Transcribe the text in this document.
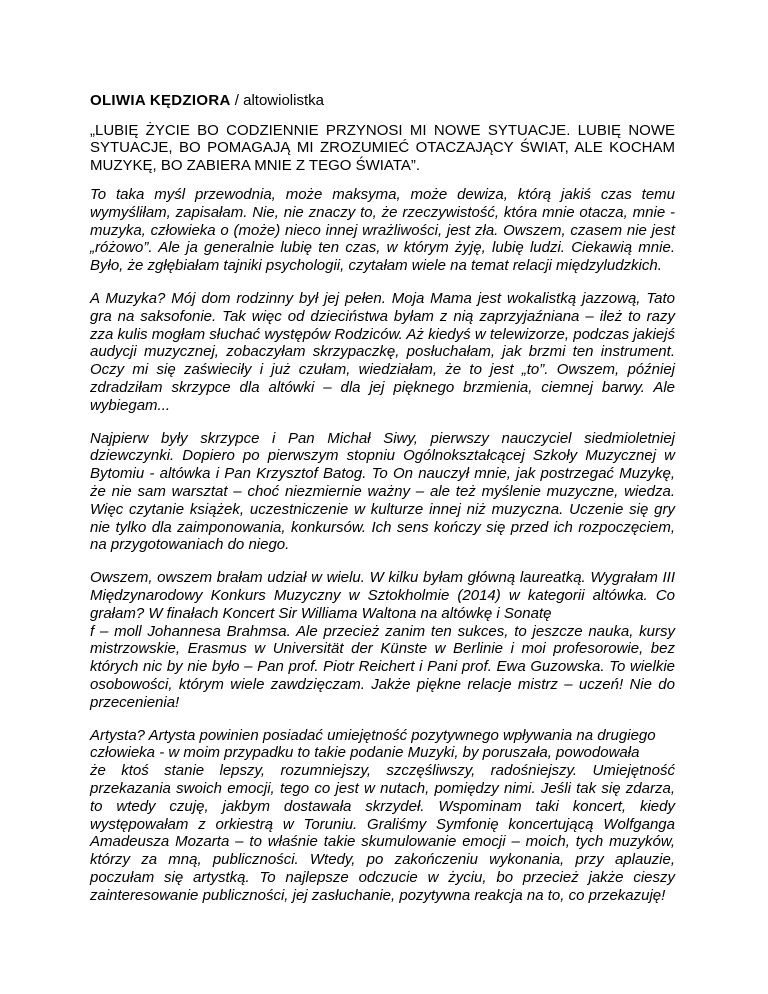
OLIWIA KĘDZIORA / altowiolistka

„LUBIĘ ŻYCIE BO CODZIENNIE PRZYNOSI MI NOWE SYTUACJE. LUBIĘ NOWE SYTUACJE, BO POMAGAJĄ MI ZROZUMIEĆ OTACZAJĄCY ŚWIAT, ALE KOCHAM MUZYKĘ, BO ZABIERA MNIE Z TEGO ŚWIATA”.

To taka myśl przewodnia, może maksyma, może dewiza, którą jakiś czas temu wymyśliłam, zapisałam. Nie, nie znaczy to, że rzeczywistość, która mnie otacza, mnie - muzyka, człowieka o (może) nieco innej wrażliwości, jest zła. Owszem, czasem nie jest „różowo”. Ale ja generalnie lubię ten czas, w którym żyję, lubię ludzi. Ciekawią mnie. Było, że zgłębiałam tajniki psychologii, czytałam wiele na temat relacji międzyludzkich.

A Muzyka? Mój dom rodzinny był jej pełen. Moja Mama jest wokalistką jazzową, Tato gra na saksofonie. Tak więc od dzieciństwa byłam z nią zaprzyjaźniana – ileż to razy zza kulis mogłam słuchać występów Rodziców. Aż kiedyś w telewizorze, podczas jakiejś audycji muzycznej, zobaczyłam skrzypaczkę, posłuchałam, jak brzmi ten instrument. Oczy mi się zaświeciły i już czułam, wiedziałam, że to jest „to”. Owszem, później zdradziłam skrzypce dla altówki – dla jej pięknego brzmienia, ciemnej barwy. Ale wybiegam...

Najpierw były skrzypce i Pan Michał Siwy, pierwszy nauczyciel siedmioletniej dziewczynki. Dopiero po pierwszym stopniu Ogólnokształcącej Szkoły Muzycznej w Bytomiu - altówka i Pan Krzysztof Batog. To On nauczył mnie, jak postrzegać Muzykę, że nie sam warsztat – choć niezmiernie ważny – ale też myślenie muzyczne, wiedza. Więc czytanie książek, uczestniczenie w kulturze innej niż muzyczna. Uczenie się gry nie tylko dla zaimponowania, konkursów. Ich sens kończy się przed ich rozpoczęciem, na przygotowaniach do niego.

Owszem, owszem brałam udział w wielu. W kilku byłam główną laureatką. Wygrałam III Międzynarodowy Konkurs Muzyczny w Sztokholmie (2014) w kategorii altówka. Co grałam? W finałach Koncert Sir Williama Waltona na altówkę i Sonatę
f – moll Johannesa Brahmsa. Ale przecież zanim ten sukces, to jeszcze nauka, kursy mistrzowskie, Erasmus w Universität der Künste w Berlinie i moi profesorowie, bez których nic by nie było – Pan prof. Piotr Reichert i Pani prof. Ewa Guzowska. To wielkie osobowości, którym wiele zawdzięczam. Jakże piękne relacje mistrz – uczeń! Nie do przecenienia!

Artysta? Artysta powinien posiadać umiejętność pozytywnego wpływania na drugiego
człowieka - w moim przypadku to takie podanie Muzyki, by poruszała, powodowała
że ktoś stanie lepszy, rozumniejszy, szczęśliwszy, radośniejszy. Umiejętność przekazania swoich emocji, tego co jest w nutach, pomiędzy nimi. Jeśli tak się zdarza, to wtedy czuję, jakbym dostawała skrzydeł. Wspominam taki koncert, kiedy występowałam z orkiestrą w Toruniu. Graliśmy Symfonię koncertującą Wolfganga Amadeusza Mozarta – to właśnie takie skumulowanie emocji – moich, tych muzyków, którzy za mną, publiczności. Wtedy, po zakończeniu wykonania, przy aplauzie, poczułam się artystką. To najlepsze odczucie w życiu, bo przecież jakże cieszy zainteresowanie publiczności, jej zasłuchanie, pozytywna reakcja na to, co przekazuję!
